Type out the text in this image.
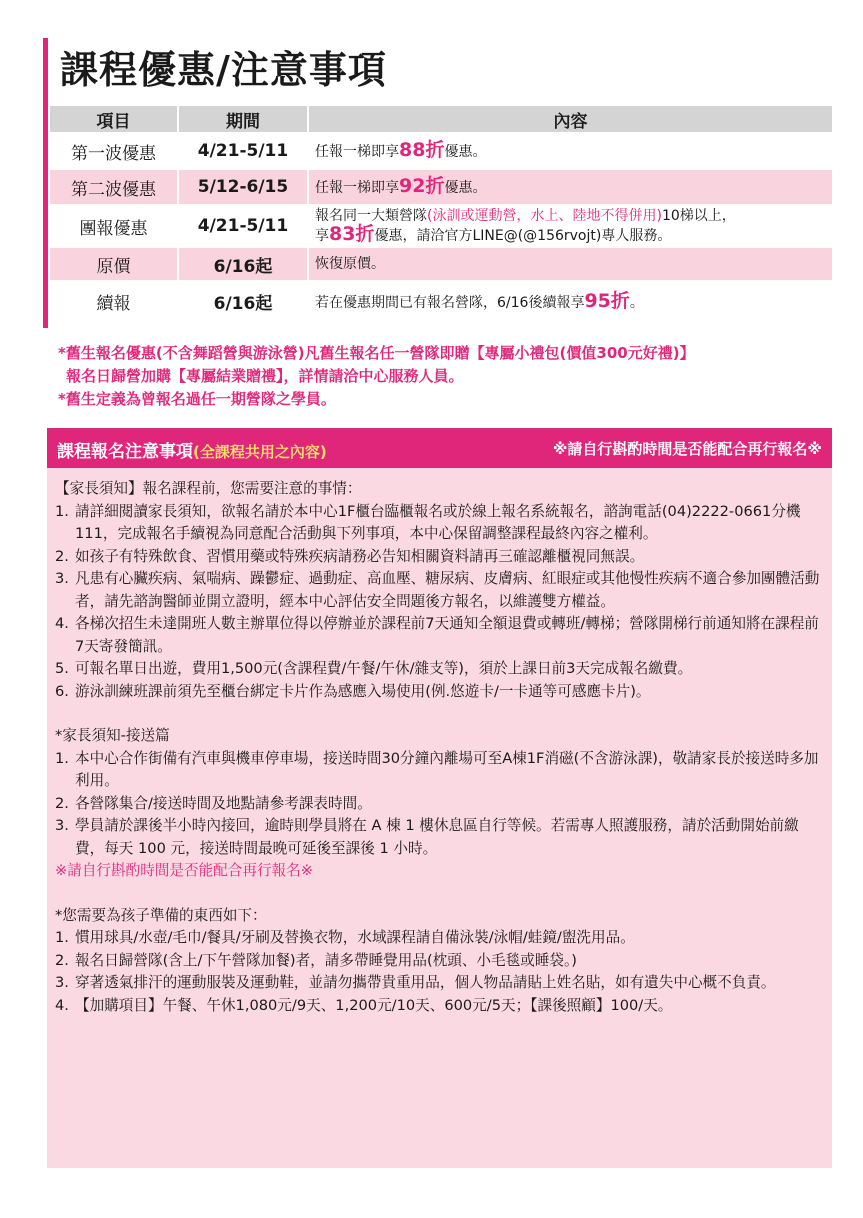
課程優惠/注意事項
項目	期間	內容
第一波優惠	4/21-5/11	任報一梯即享88折優惠。
第二波優惠	5/12-6/15	任報一梯即享92折優惠。
團報優惠	4/21-5/11	報名同一大類營隊(泳訓或運動營，水上、陸地不得併用)10梯以上，
享83折優惠，請洽官方LINE@(@156rvojt)專人服務。
原價	6/16起	恢復原價。
續報	6/16起	若在優惠期間已有報名營隊，6/16後續報享95折。

*舊生報名優惠(不含舞蹈營與游泳營)凡舊生報名任一營隊即贈【專屬小禮包(價值300元好禮)】

報名日歸營加購【專屬結業贈禮】，詳情請洽中心服務人員。

*舊生定義為曾報名過任一期營隊之學員。

課程報名注意事項(全課程共用之內容)	※請自行斟酌時間是否能配合再行報名※

【家長須知】報名課程前，您需要注意的事情：

1. 請詳細閱讀家長須知，欲報名請於本中心1F櫃台臨櫃報名或於線上報名系統報名，諮詢電話(04)2222-0661分機111，完成報名手續視為同意配合活動與下列事項，本中心保留調整課程最終內容之權利。
2. 如孩子有特殊飲食、習慣用藥或特殊疾病請務必告知相關資料請再三確認離櫃視同無誤。
3. 凡患有心臟疾病、氣喘病、躁鬱症、過動症、高血壓、糖尿病、皮膚病、紅眼症或其他慢性疾病不適合參加團體活動者，請先諮詢醫師並開立證明，經本中心評估安全問題後方報名，以維護雙方權益。
4. 各梯次招生未達開班人數主辦單位得以停辦並於課程前7天通知全額退費或轉班/轉梯；營隊開梯行前通知將在課程前7天寄發簡訊。
5. 可報名單日出遊，費用1,500元(含課程費/午餐/午休/雜支等)，須於上課日前3天完成報名繳費。
6. 游泳訓練班課前須先至櫃台綁定卡片作為感應入場使用(例.悠遊卡/一卡通等可感應卡片)。

*家長須知-接送篇

1. 本中心合作街備有汽車與機車停車場，接送時間30分鐘內離場可至A棟1F消磁(不含游泳課)，敬請家長於接送時多加利用。
2. 各營隊集合/接送時間及地點請參考課表時間。
3. 學員請於課後半小時內接回，逾時則學員將在 A 棟 1 樓休息區自行等候。若需專人照護服務，請於活動開始前繳費，每天 100 元，接送時間最晚可延後至課後 1 小時。

※請自行斟酌時間是否能配合再行報名※

*您需要為孩子準備的東西如下：

1. 慣用球具/水壺/毛巾/餐具/牙刷及替換衣物，水域課程請自備泳裝/泳帽/蛙鏡/盥洗用品。
2. 報名日歸營隊(含上/下午營隊加餐)者，請多帶睡覺用品(枕頭、小毛毯或睡袋。)
3. 穿著透氣排汗的運動服裝及運動鞋，並請勿攜帶貴重用品，個人物品請貼上姓名貼，如有遺失中心概不負責。
4. 【加購項目】午餐、午休1,080元/9天、1,200元/10天、600元/5天；【課後照顧】100/天。
